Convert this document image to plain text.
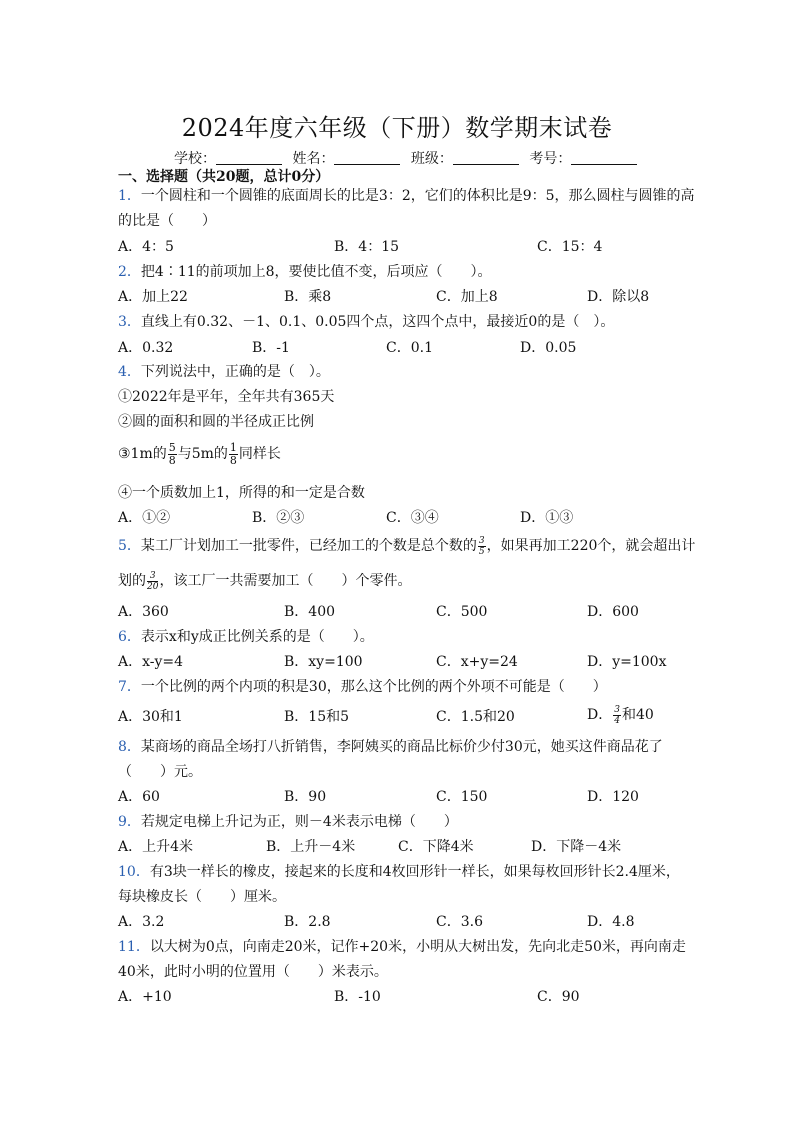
2024年度六年级（下册）数学期末试卷
学校：	姓名：	班级：	考号：
一、选择题（共20题，总计0分）
1．一个圆柱和一个圆锥的底面周长的比是3：2，它们的体积比是9：5，那么圆柱与圆锥的高
的比是（　　）
A．4：5	B．4：15	C．15：4
2．把4∶11的前项加上8，要使比值不变，后项应（　　）。
A．加上22	B．乘8	C．加上8	D．除以8
3．直线上有0.32、－1、0.1、0.05四个点，这四个点中，最接近0的是（　）。
A．0.32	B．-1	C．0.1	D．0.05
4．下列说法中，正确的是（　）。
①2022年是平年，全年共有365天
②圆的面积和圆的半径成正比例
③1m的 $\frac{5}{8}$ 与5m的 $\frac{1}{8}$ 同样长
④一个质数加上1，所得的和一定是合数
A．①②	B．②③	C．③④	D．①③
5．某工厂计划加工一批零件，已经加工的个数是总个数的 $\frac{3}{5}$ ，如果再加工220个，就会超出计
划的 $\frac{3}{20}$ ，该工厂一共需要加工（　　）个零件。
A．360	B．400	C．500	D．600
6．表示x和y成正比例关系的是（　　）。
A．x-y=4	B．xy=100	C．x+y=24	D．y=100x
7．一个比例的两个内项的积是30，那么这个比例的两个外项不可能是（　　）
A．30和1	B．15和5	C．1.5和20	D． $\frac{3}{4}$ 和40
8．某商场的商品全场打八折销售，李阿姨买的商品比标价少付30元，她买这件商品花了
（　　）元。
A．60	B．90	C．150	D．120
9．若规定电梯上升记为正，则－4米表示电梯（　　）
A．上升4米	B．上升－4米	C．下降4米	D．下降－4米
10．有3块一样长的橡皮，接起来的长度和4枚回形针一样长，如果每枚回形针长2.4厘米，
每块橡皮长（　　）厘米。
A．3.2	B．2.8	C．3.6	D．4.8
11．以大树为0点，向南走20米，记作+20米，小明从大树出发，先向北走50米，再向南走
40米，此时小明的位置用（　　）米表示。
A．+10	B．-10	C．90
